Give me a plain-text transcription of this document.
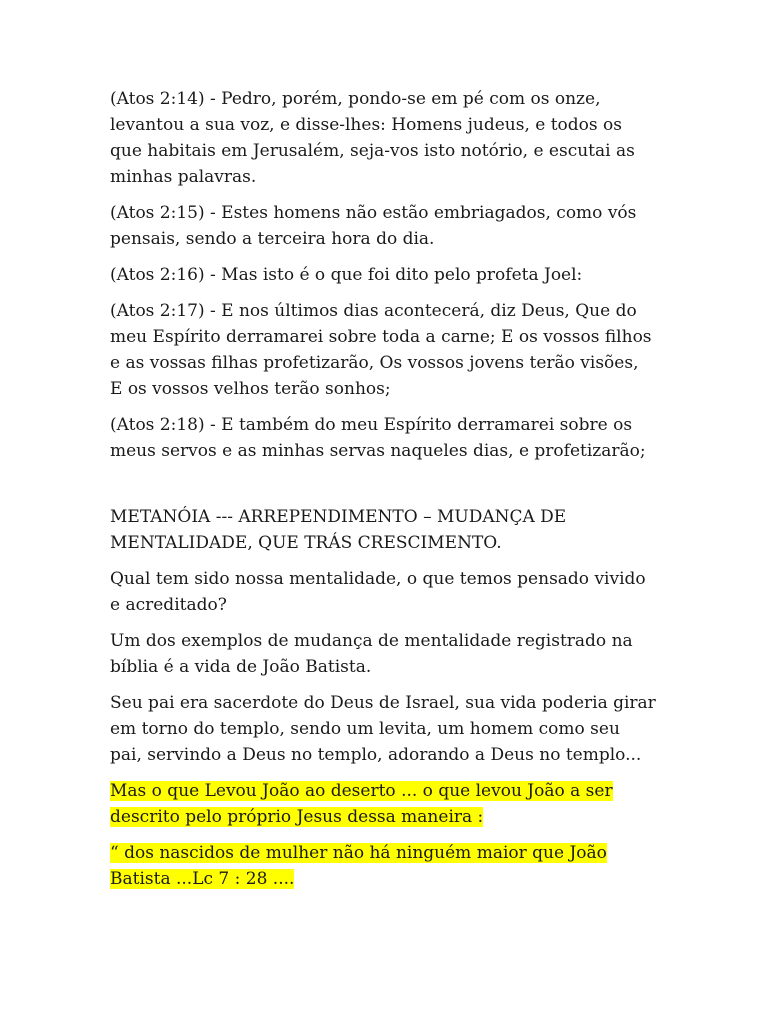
(Atos 2:14) - Pedro, porém, pondo-se em pé com os onze,
levantou a sua voz, e disse-lhes: Homens judeus, e todos os
que habitais em Jerusalém, seja-vos isto notório, e escutai as
minhas palavras.

(Atos 2:15) - Estes homens não estão embriagados, como vós
pensais, sendo a terceira hora do dia.

(Atos 2:16) - Mas isto é o que foi dito pelo profeta Joel:

(Atos 2:17) - E nos últimos dias acontecerá, diz Deus, Que do
meu Espírito derramarei sobre toda a carne; E os vossos filhos
e as vossas filhas profetizarão, Os vossos jovens terão visões,
E os vossos velhos terão sonhos;

(Atos 2:18) - E também do meu Espírito derramarei sobre os
meus servos e as minhas servas naqueles dias, e profetizarão;

METANÓIA --- ARREPENDIMENTO – MUDANÇA DE
MENTALIDADE, QUE TRÁS CRESCIMENTO.

Qual tem sido nossa mentalidade, o que temos pensado vivido
e acreditado?

Um dos exemplos de mudança de mentalidade registrado na
bíblia é a vida de João Batista.

Seu pai era sacerdote do Deus de Israel, sua vida poderia girar
em torno do templo, sendo um levita, um homem como seu
pai, servindo a Deus no templo, adorando a Deus no templo...

Mas o que Levou João ao deserto ... o que levou João a ser
descrito pelo próprio Jesus dessa maneira :

“ dos nascidos de mulher não há ninguém maior que João
Batista ...Lc 7 : 28 ....
